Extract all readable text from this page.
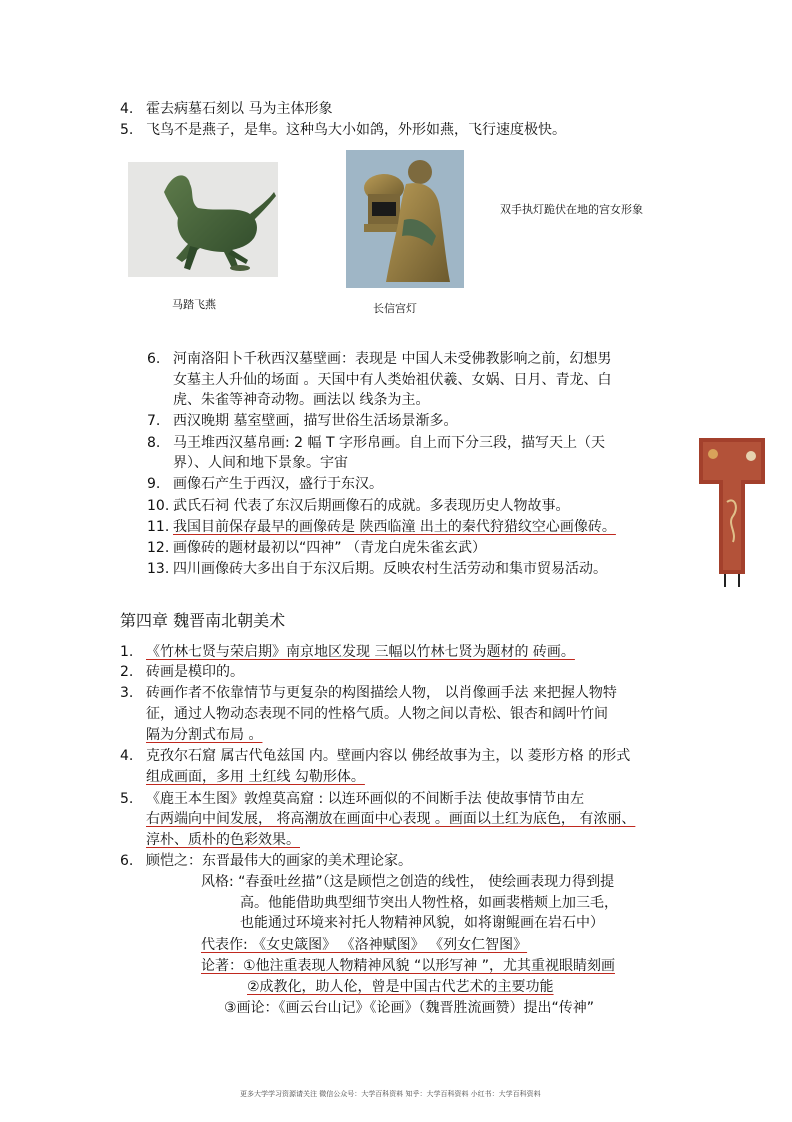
4. 霍去病墓石刻以 马为主体形象
5. 飞鸟不是燕子，是隼。这种鸟大小如鸽，外形如燕，飞行速度极快。
马踏飞燕	长信宫灯
双手执灯跪伏在地的宫女形象
6. 河南洛阳卜千秋西汉墓壁画：表现是 中国人未受佛教影响之前，幻想男
女墓主人升仙的场面 。天国中有人类始祖伏羲、女娲、日月、青龙、白
虎、朱雀等神奇动物。画法以 线条为主。
7. 西汉晚期 墓室壁画，描写世俗生活场景渐多。
8. 马王堆西汉墓帛画: 2 幅 T 字形帛画。自上而下分三段，描写天上（天
界）、人间和地下景象。宇宙
9. 画像石产生于西汉，盛行于东汉。
10. 武氏石祠 代表了东汉后期画像石的成就。多表现历史人物故事。
11. 我国目前保存最早的画像砖是 陕西临潼 出土的秦代狩猎纹空心画像砖。
12. 画像砖的题材最初以“四神” （青龙白虎朱雀玄武）
13. 四川画像砖大多出自于东汉后期。反映农村生活劳动和集市贸易活动。
第四章 魏晋南北朝美术
1. 《竹林七贤与荣启期》南京地区发现 三幅以竹林七贤为题材的 砖画。
2. 砖画是模印的。
3. 砖画作者不依靠情节与更复杂的构图描绘人物， 以肖像画手法 来把握人物特
征，通过人物动态表现不同的性格气质。人物之间以青松、银杏和阔叶竹间
隔为分割式布局 。
4. 克孜尔石窟 属古代龟兹国 内。壁画内容以 佛经故事为主，以 菱形方格 的形式
组成画面，多用 土红线 勾勒形体。
5. 《鹿王本生图》敦煌莫高窟 : 以连环画似的不间断手法 使故事情节由左
右两端向中间发展， 将高潮放在画面中心表现 。画面以土红为底色， 有浓丽、
淳朴、质朴的色彩效果。
6. 顾恺之：东晋最伟大的画家的美术理论家。
风格: “春蚕吐丝描”（这是顾恺之创造的线性， 使绘画表现力得到提
高。他能借助典型细节突出人物性格，如画裴楷颊上加三毛，
也能通过环境来衬托人物精神风貌，如将谢鲲画在岩石中）
代表作: 《女史箴图》 《洛神赋图》 《列女仁智图》
论著：①他注重表现人物精神风貌 “以形写神 ”，尤其重视眼睛刻画
②成教化，助人伦，曾是中国古代艺术的主要功能
③画论：《画云台山记》《论画》（魏晋胜流画赞）提出“传神”
更多大学学习资源请关注 微信公众号：大学百科资料 知乎：大学百科资料 小红书：大学百科资料
